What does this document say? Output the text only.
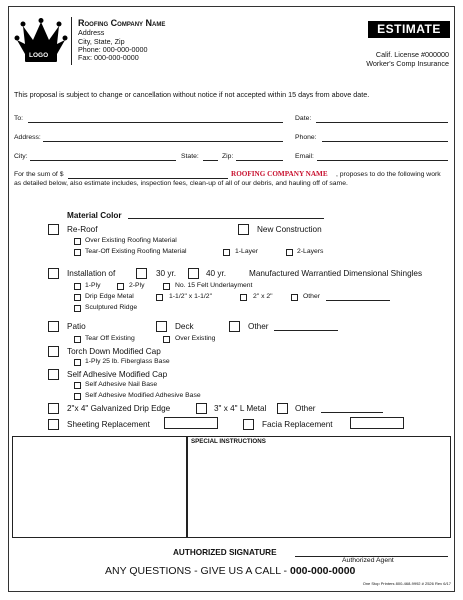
LOGO
Roofing Company Name
Address
City, State, Zip
Phone: 000-000-0000
Fax: 000-000-0000
ESTIMATE
Calif. License #000000
Worker's Comp Insurance
This proposal is subject to change or cancellation without notice if not accepted within 15 days from above date.
To:	Date:
Address:	Phone:
City:	State:	Zip:	Email:
For the sum of $	ROOFING COMPANY NAME , proposes to do the following work
as detailed below, also estimate includes, inspection fees, clean-up of all of our debris, and hauling off of same.
Material Color
Re-Roof	New Construction
Over Existing Roofing Material
Tear-Off Existing Roofing Material	1-Layer	2-Layers
Installation of	30 yr.	40 yr.	Manufactured Warrantied Dimensional Shingles
1-Ply	2-Ply	No. 15 Felt Underlayment
Drip Edge Metal	1-1/2" x 1-1/2"	2" x 2"	Other
Sculptured Ridge
Patio	Deck	Other
Tear Off Existing	Over Existing
Torch Down Modified Cap
1-Ply 25 lb. Fiberglass Base
Self Adhesive Modified Cap
Self Adhesive Nail Base
Self Adhesive Modified Adhesive Base
2"x 4" Galvanized Drip Edge	3" x 4" L Metal	Other
Sheeting Replacement	Facia Replacement
SPECIAL INSTRUCTIONS
AUTHORIZED SIGNATURE
Authorized Agent
ANY QUESTIONS - GIVE US A CALL - 000-000-0000
One Stop Printers 800-468-9992 # 2526 Rev 6/17
